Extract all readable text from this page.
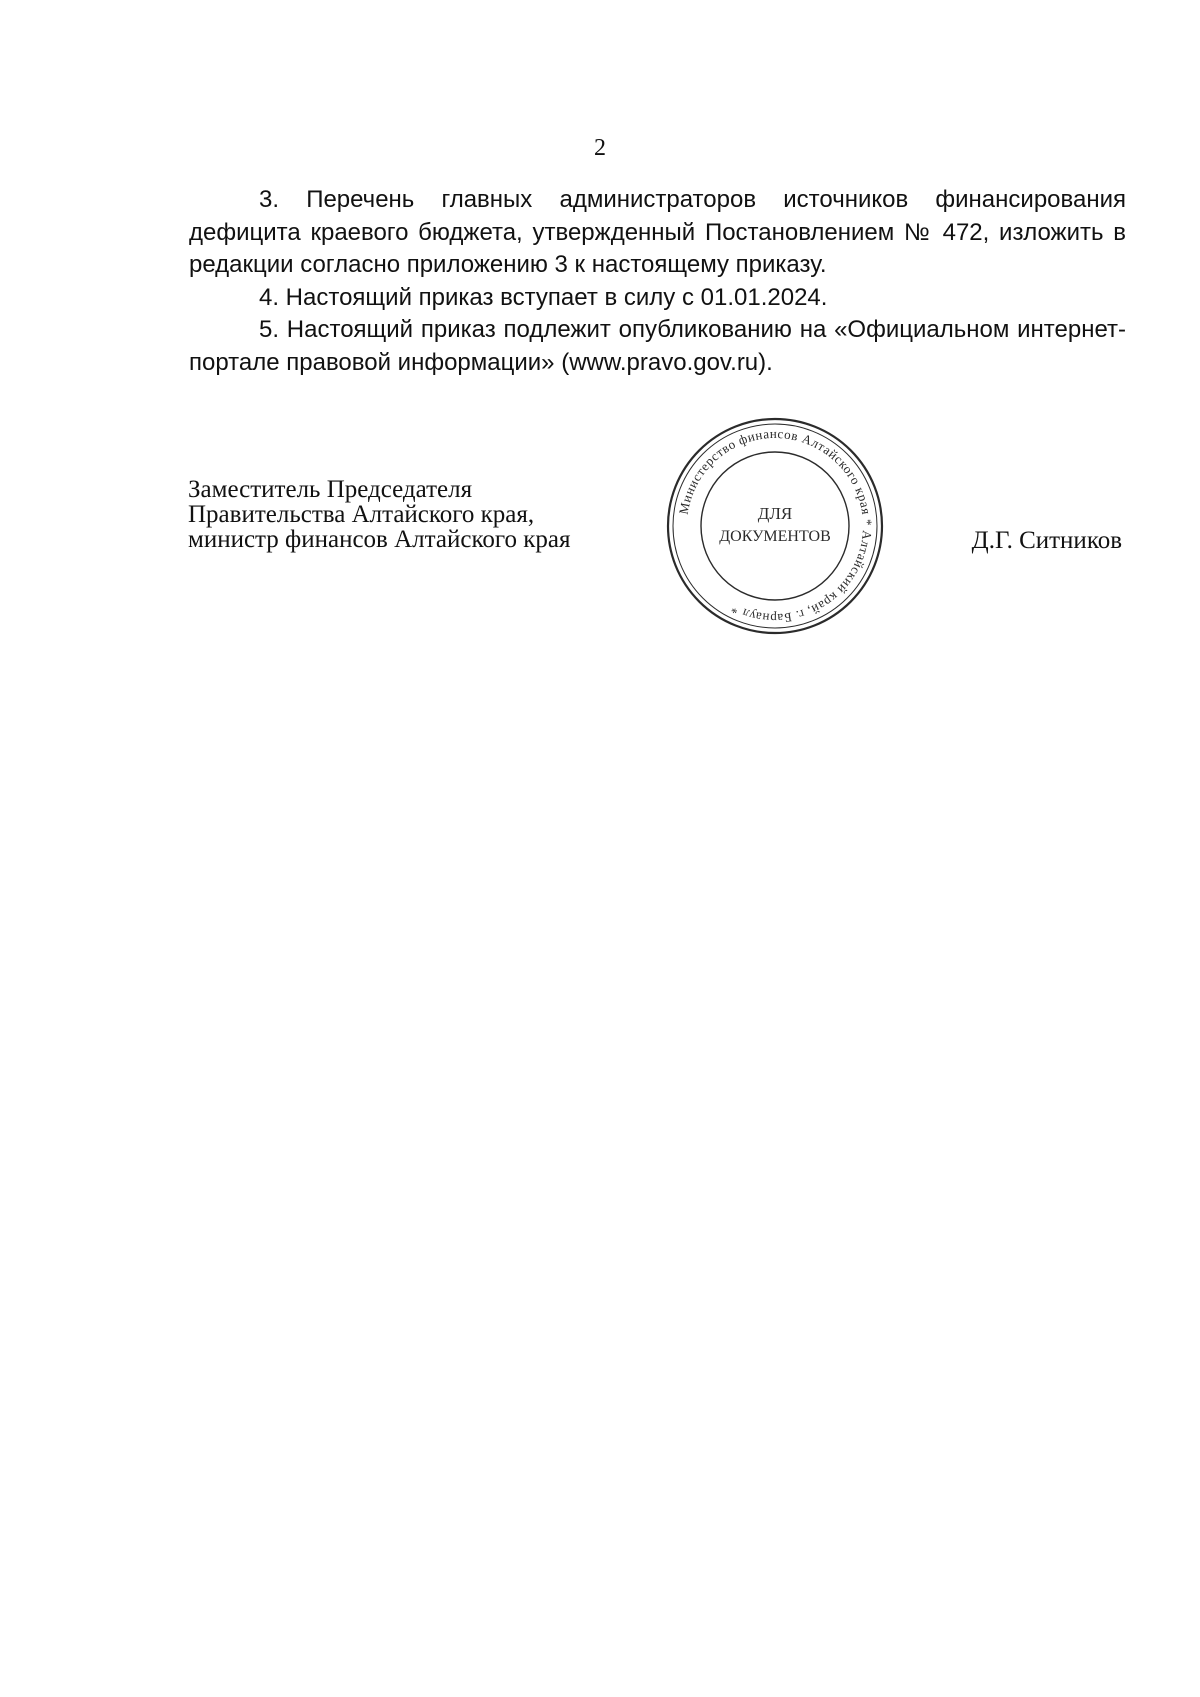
2

3. Перечень главных администраторов источников финансирования дефицита краевого бюджета, утвержденный Постановлением № 472, изложить в редакции согласно приложению 3 к настоящему приказу.

4. Настоящий приказ вступает в силу с 01.01.2024.

5. Настоящий приказ подлежит опубликованию на «Официальном интернет-портале правовой информации» (www.pravo.gov.ru).

Заместитель Председателя
Правительства Алтайского края,
министр финансов Алтайского края
Министерство финансов Алтайского края * Алтайский край, г. Барнаул *
ДЛЯ
ДОКУМЕНТОВ	Д.Г. Ситников
